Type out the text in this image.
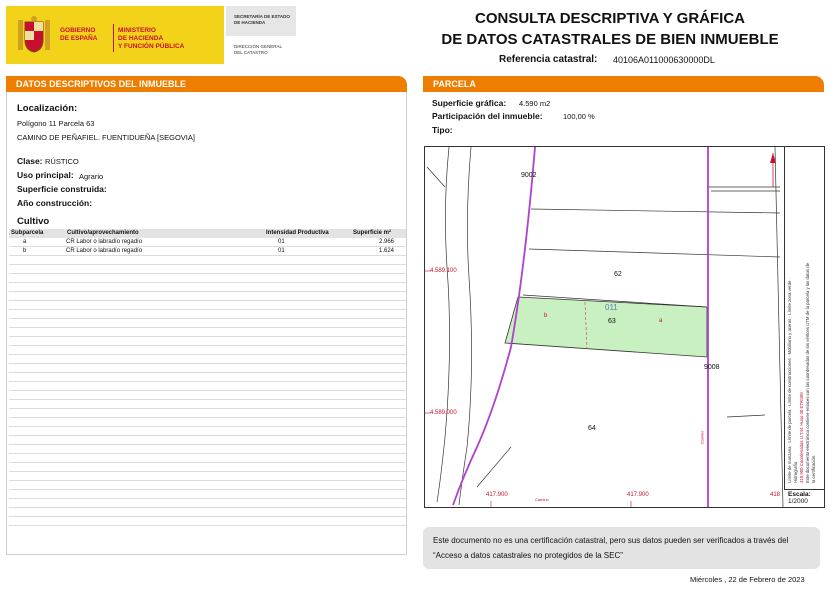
GOBIERNO
DE ESPAÑA
MINISTERIO
DE HACIENDA
Y FUNCIÓN PÚBLICA
SECRETARÍA DE ESTADO
DE HACIENDA
DIRECCIÓN GENERAL
DEL CATASTRO
CONSULTA DESCRIPTIVA Y GRÁFICA
DE DATOS CATASTRALES DE BIEN INMUEBLE
Referencia catastral: 40106A011000630000DL
DATOS DESCRIPTIVOS DEL INMUEBLE
Localización:
Polígono 11 Parcela 63
CAMINO DE PEÑAFIEL. FUENTIDUEÑA [SEGOVIA]
Clase: RÚSTICO
Uso principal: Agrario
Superficie construida:
Año construcción:
Cultivo
Subparcela	Cultivo/aprovechamiento	Intensidad Productiva	Superficie m²
a	CR Labor o labradío regadío	01	2.966
b	CR Labor o labradío regadío	01	1.624
PARCELA
Superficie gráfica: 4.590 m2
Participación del inmueble:	100,00 %
Tipo:
9002
62
011
63
b
a
9008
64
4.589.100
4.589.000
417.900	417.900	418
Camino
Camino
Límite de manzana · Límite de parcela · Límite de construcciones · Mobiliario y aceras · Límite zona verde · Hidrografía 418,900 Coordenadas U.T.M. Huso 30 ETRS89 Este documento electrónico contiene enlaces con las coordenadas de los vértices UTM de la parcela y los datos de la certificación.
Escala:
1/2000
Este documento no es una certificación catastral, pero sus datos pueden ser verificados a través del “Acceso a datos catastrales no protegidos de la SEC”
Miércoles , 22 de Febrero de 2023
